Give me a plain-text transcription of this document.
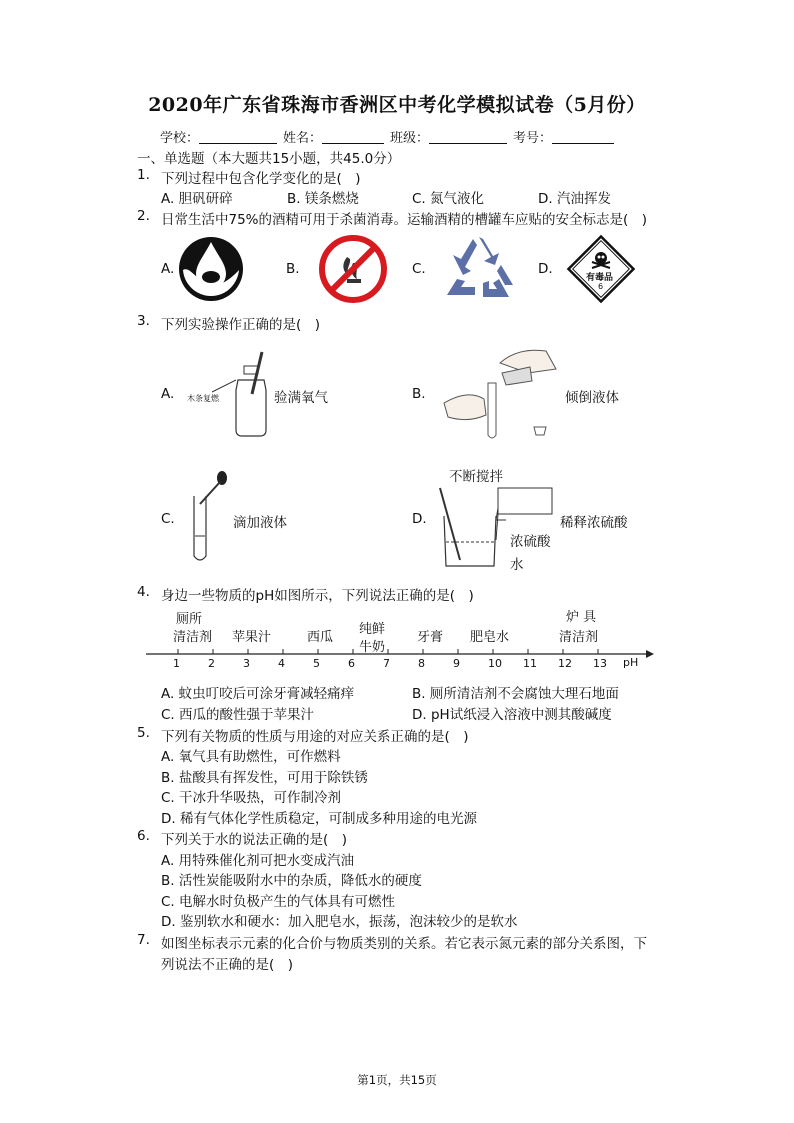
2020年广东省珠海市香洲区中考化学模拟试卷（5月份）
学校：	姓名：	班级：	考号：
一、单选题（本大题共15小题，共45.0分）
1. 下列过程中包含化学变化的是(　)
A. 胆矾研碎	B. 镁条燃烧	C. 氮气液化	D. 汽油挥发
2. 日常生活中75%的酒精可用于杀菌消毒。运输酒精的槽罐车应贴的安全标志是(　)
A.	B.	C.	D.
有毒品
6
3. 下列实验操作正确的是(　)
A. 木条复燃	验满氧气	B.	倾倒液体
C.	滴加液体	D.
不断搅拌
稀释浓硫酸
浓硫酸
水
4. 身边一些物质的pH如图所示，下列说法正确的是(　)
厕所
清洁剂 苹果汁	西瓜
纯鲜
牛奶
牙膏 肥皂水
炉 具
清洁剂
1	2	3	4	5	6	7	8	9	10 11 12 13 pH
A. 蚊虫叮咬后可涂牙膏减轻痛痒	B. 厕所清洁剂不会腐蚀大理石地面
C. 西瓜的酸性强于苹果汁	D. pH试纸浸入溶液中测其酸碱度
5. 下列有关物质的性质与用途的对应关系正确的是(　)
A. 氧气具有助燃性，可作燃料
B. 盐酸具有挥发性，可用于除铁锈
C. 干冰升华吸热，可作制冷剂
D. 稀有气体化学性质稳定，可制成多种用途的电光源
6. 下列关于水的说法正确的是(　)
A. 用特殊催化剂可把水变成汽油
B. 活性炭能吸附水中的杂质，降低水的硬度
C. 电解水时负极产生的气体具有可燃性
D. 鉴别软水和硬水：加入肥皂水，振荡，泡沫较少的是软水
7. 如图坐标表示元素的化合价与物质类别的关系。若它表示氮元素的部分关系图，下
列说法不正确的是(　)
第1页，共15页
